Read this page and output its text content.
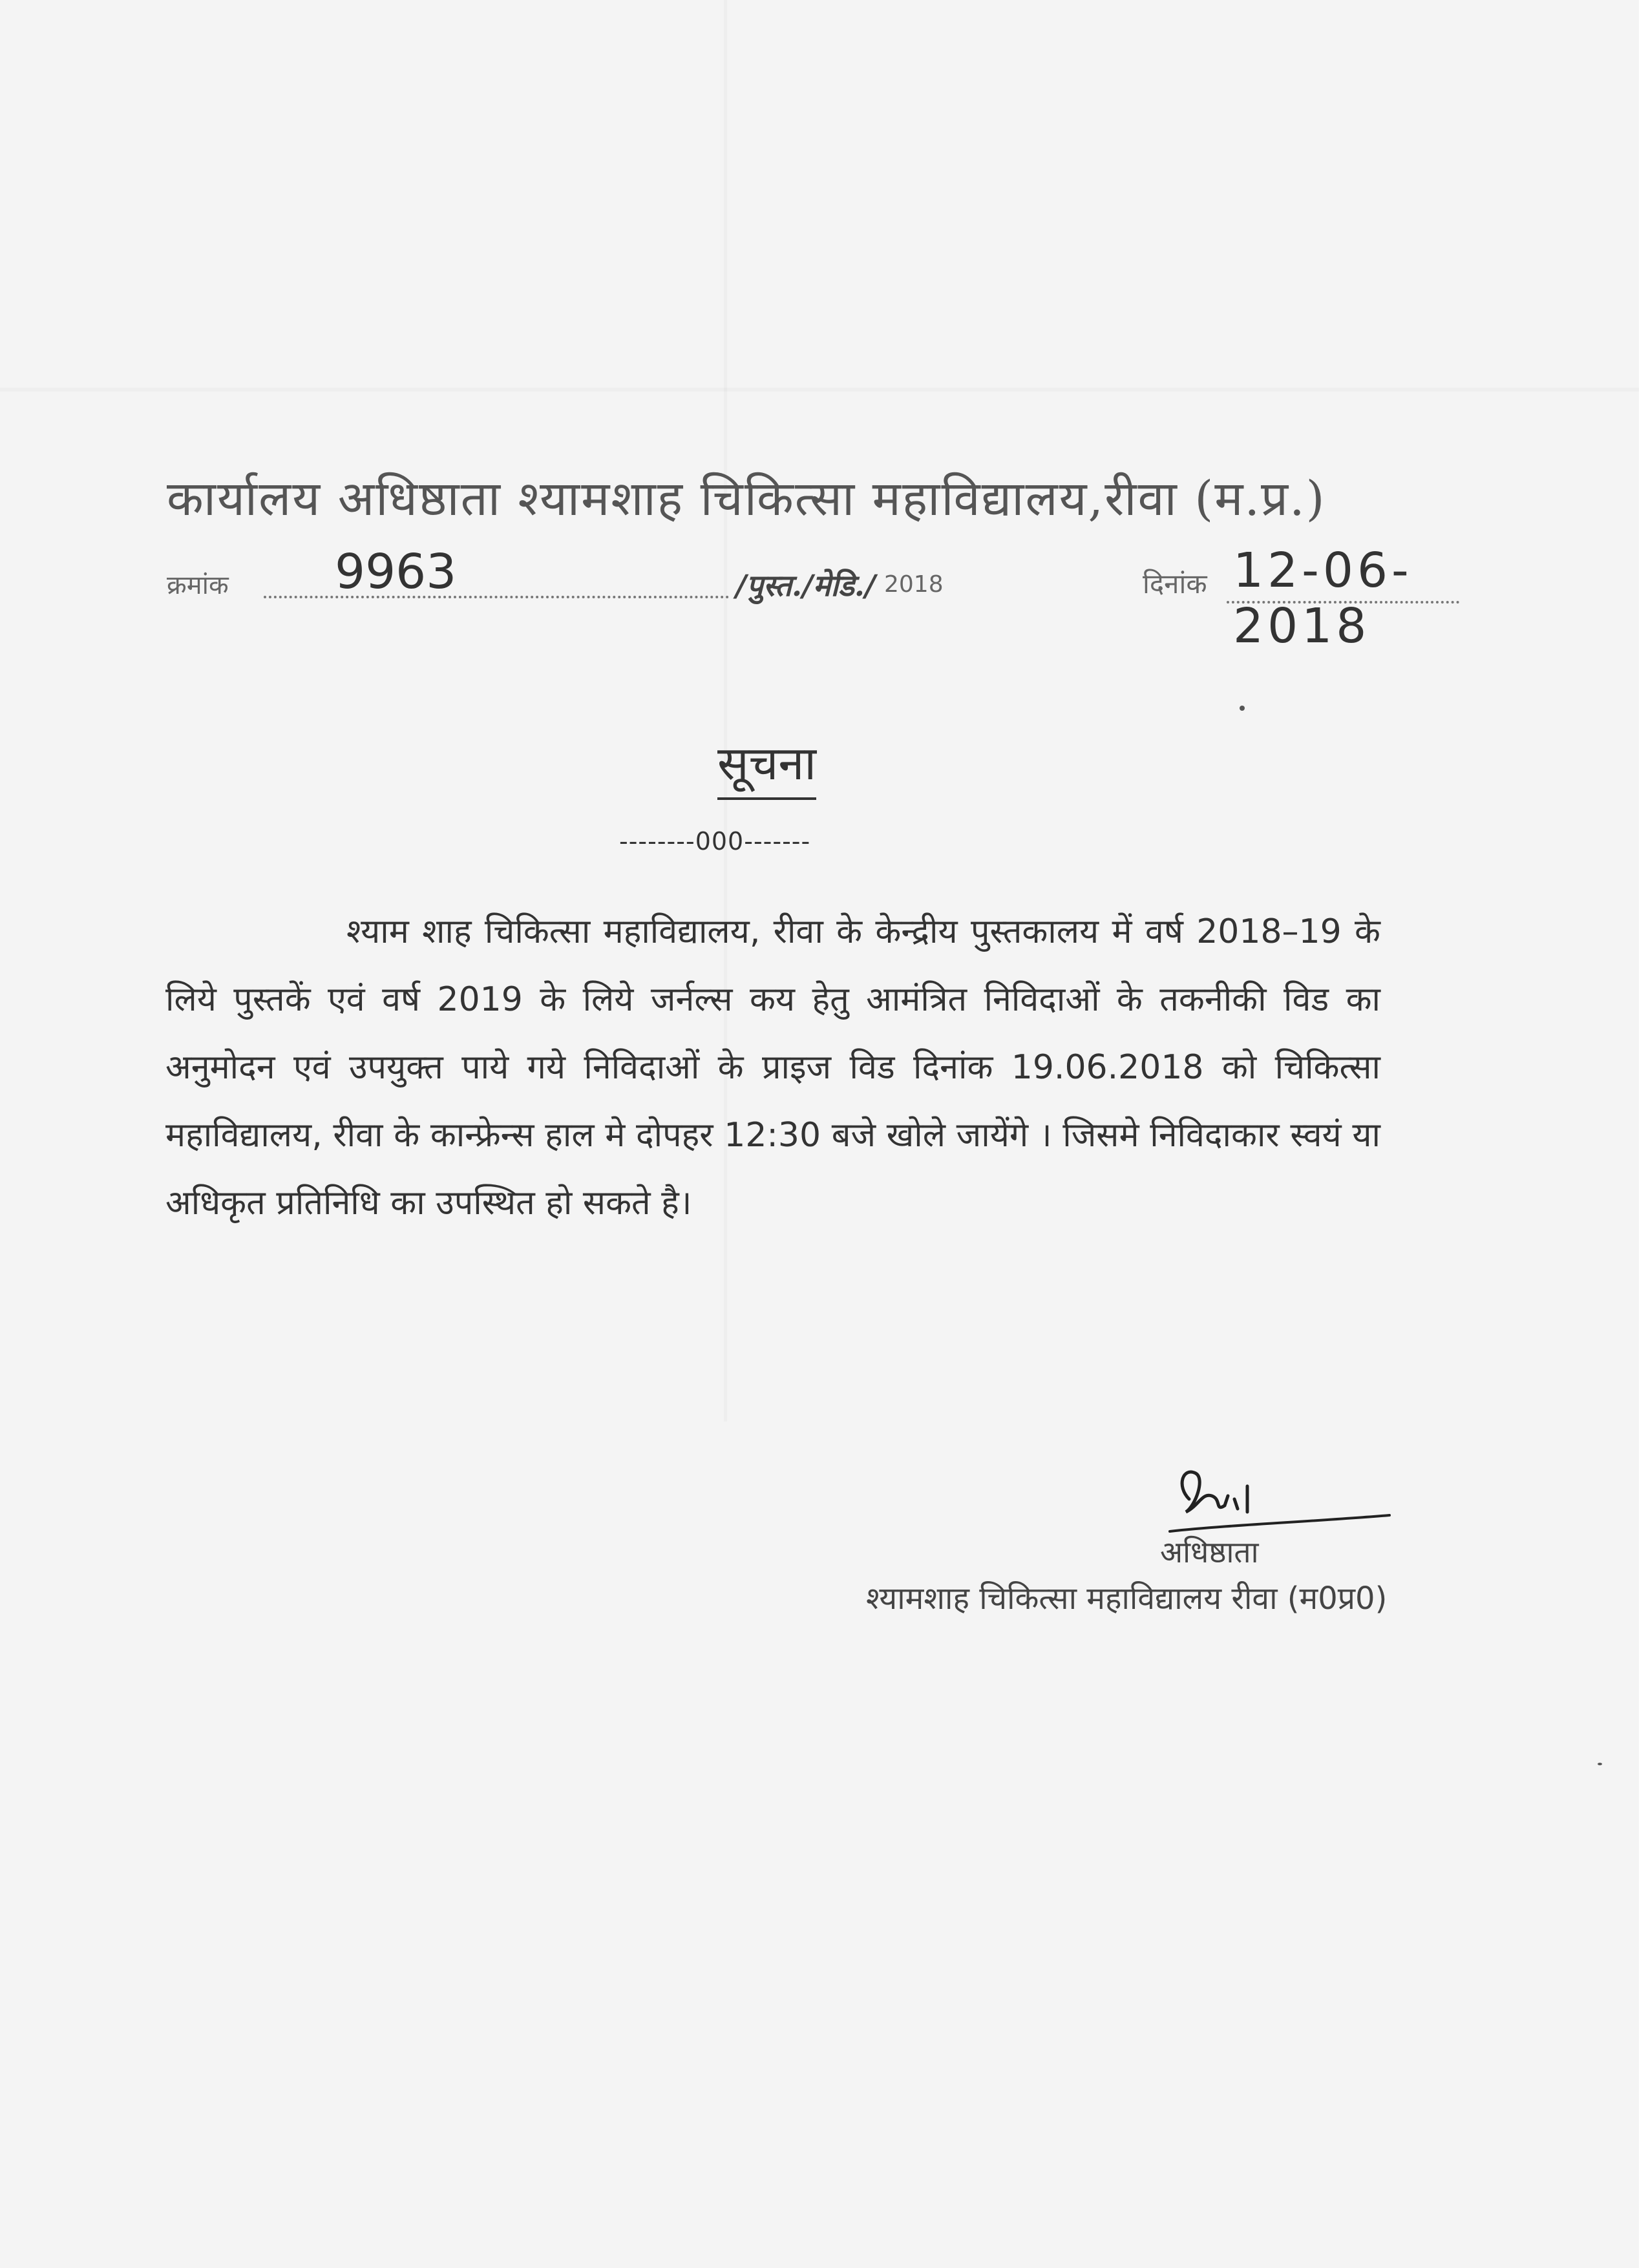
कार्यालय अधिष्ठाता श्यामशाह चिकित्सा महाविद्यालय,रीवा (म.प्र.)
क्रमांक 9963	/पुस्त./मेडि./ 2018	दिनांक 12-06-2018
सूचना
--------000-------

श्याम शाह चिकित्सा महाविद्यालय, रीवा के केन्द्रीय पुस्तकालय में वर्ष 2018–19 के लिये पुस्तकें एवं वर्ष 2019 के लिये जर्नल्स कय हेतु आमंत्रित निविदाओं के तकनीकी विड का अनुमोदन एवं उपयुक्त पाये गये निविदाओं के प्राइज विड दिनांक 19.06.2018 को चिकित्सा महाविद्यालय, रीवा के कान्फ्रेन्स हाल मे दोपहर 12:30 बजे खोले जायेंगे । जिसमे निविदाकार स्वयं या अधिकृत प्रतिनिधि का उपस्थित हो सकते है।

अधिष्ठाता
श्यामशाह चिकित्सा महाविद्यालय रीवा (म0प्र0)
